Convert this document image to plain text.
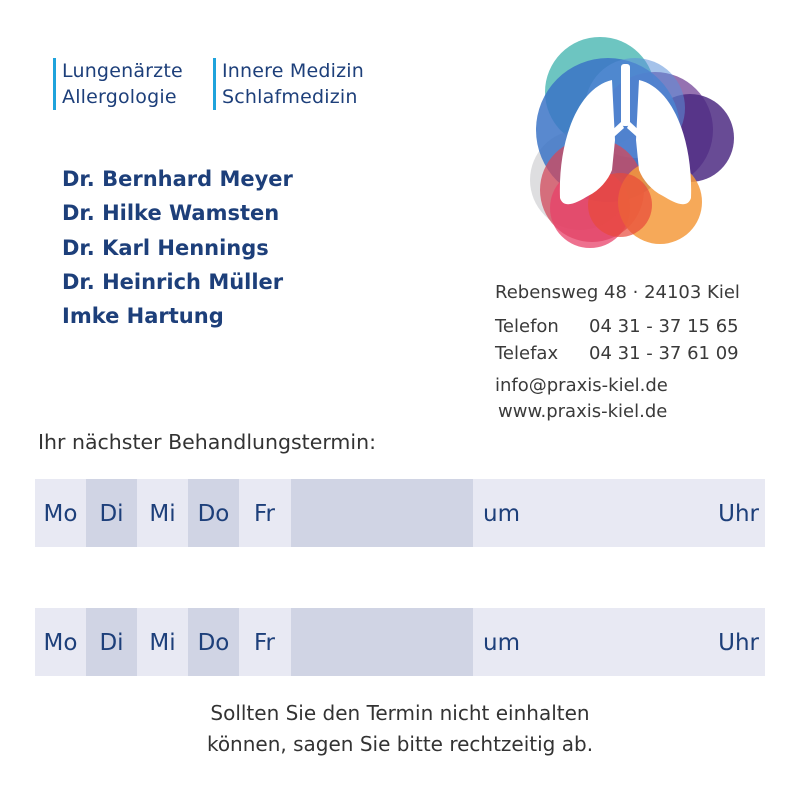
Lungenärzte
Allergologie
Innere Medizin
Schlafmedizin
Dr. Bernhard Meyer
Dr. Hilke Wamsten
Dr. Karl Hennings
Dr. Heinrich Müller
Imke Hartung
Rebensweg 48 · 24103 Kiel
Telefon 04 31 - 37 15 65
Telefax 04 31 - 37 61 09
info@praxis-kiel.de
www.praxis-kiel.de
Ihr nächster Behandlungstermin:
Mo Di	Mi Do	Fr	um	Uhr
Mo Di	Mi Do	Fr	um	Uhr
Sollten Sie den Termin nicht einhalten
können, sagen Sie bitte rechtzeitig ab.
